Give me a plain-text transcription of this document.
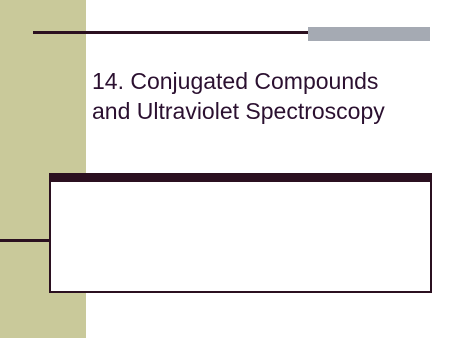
14. Conjugated Compounds
and Ultraviolet Spectroscopy
